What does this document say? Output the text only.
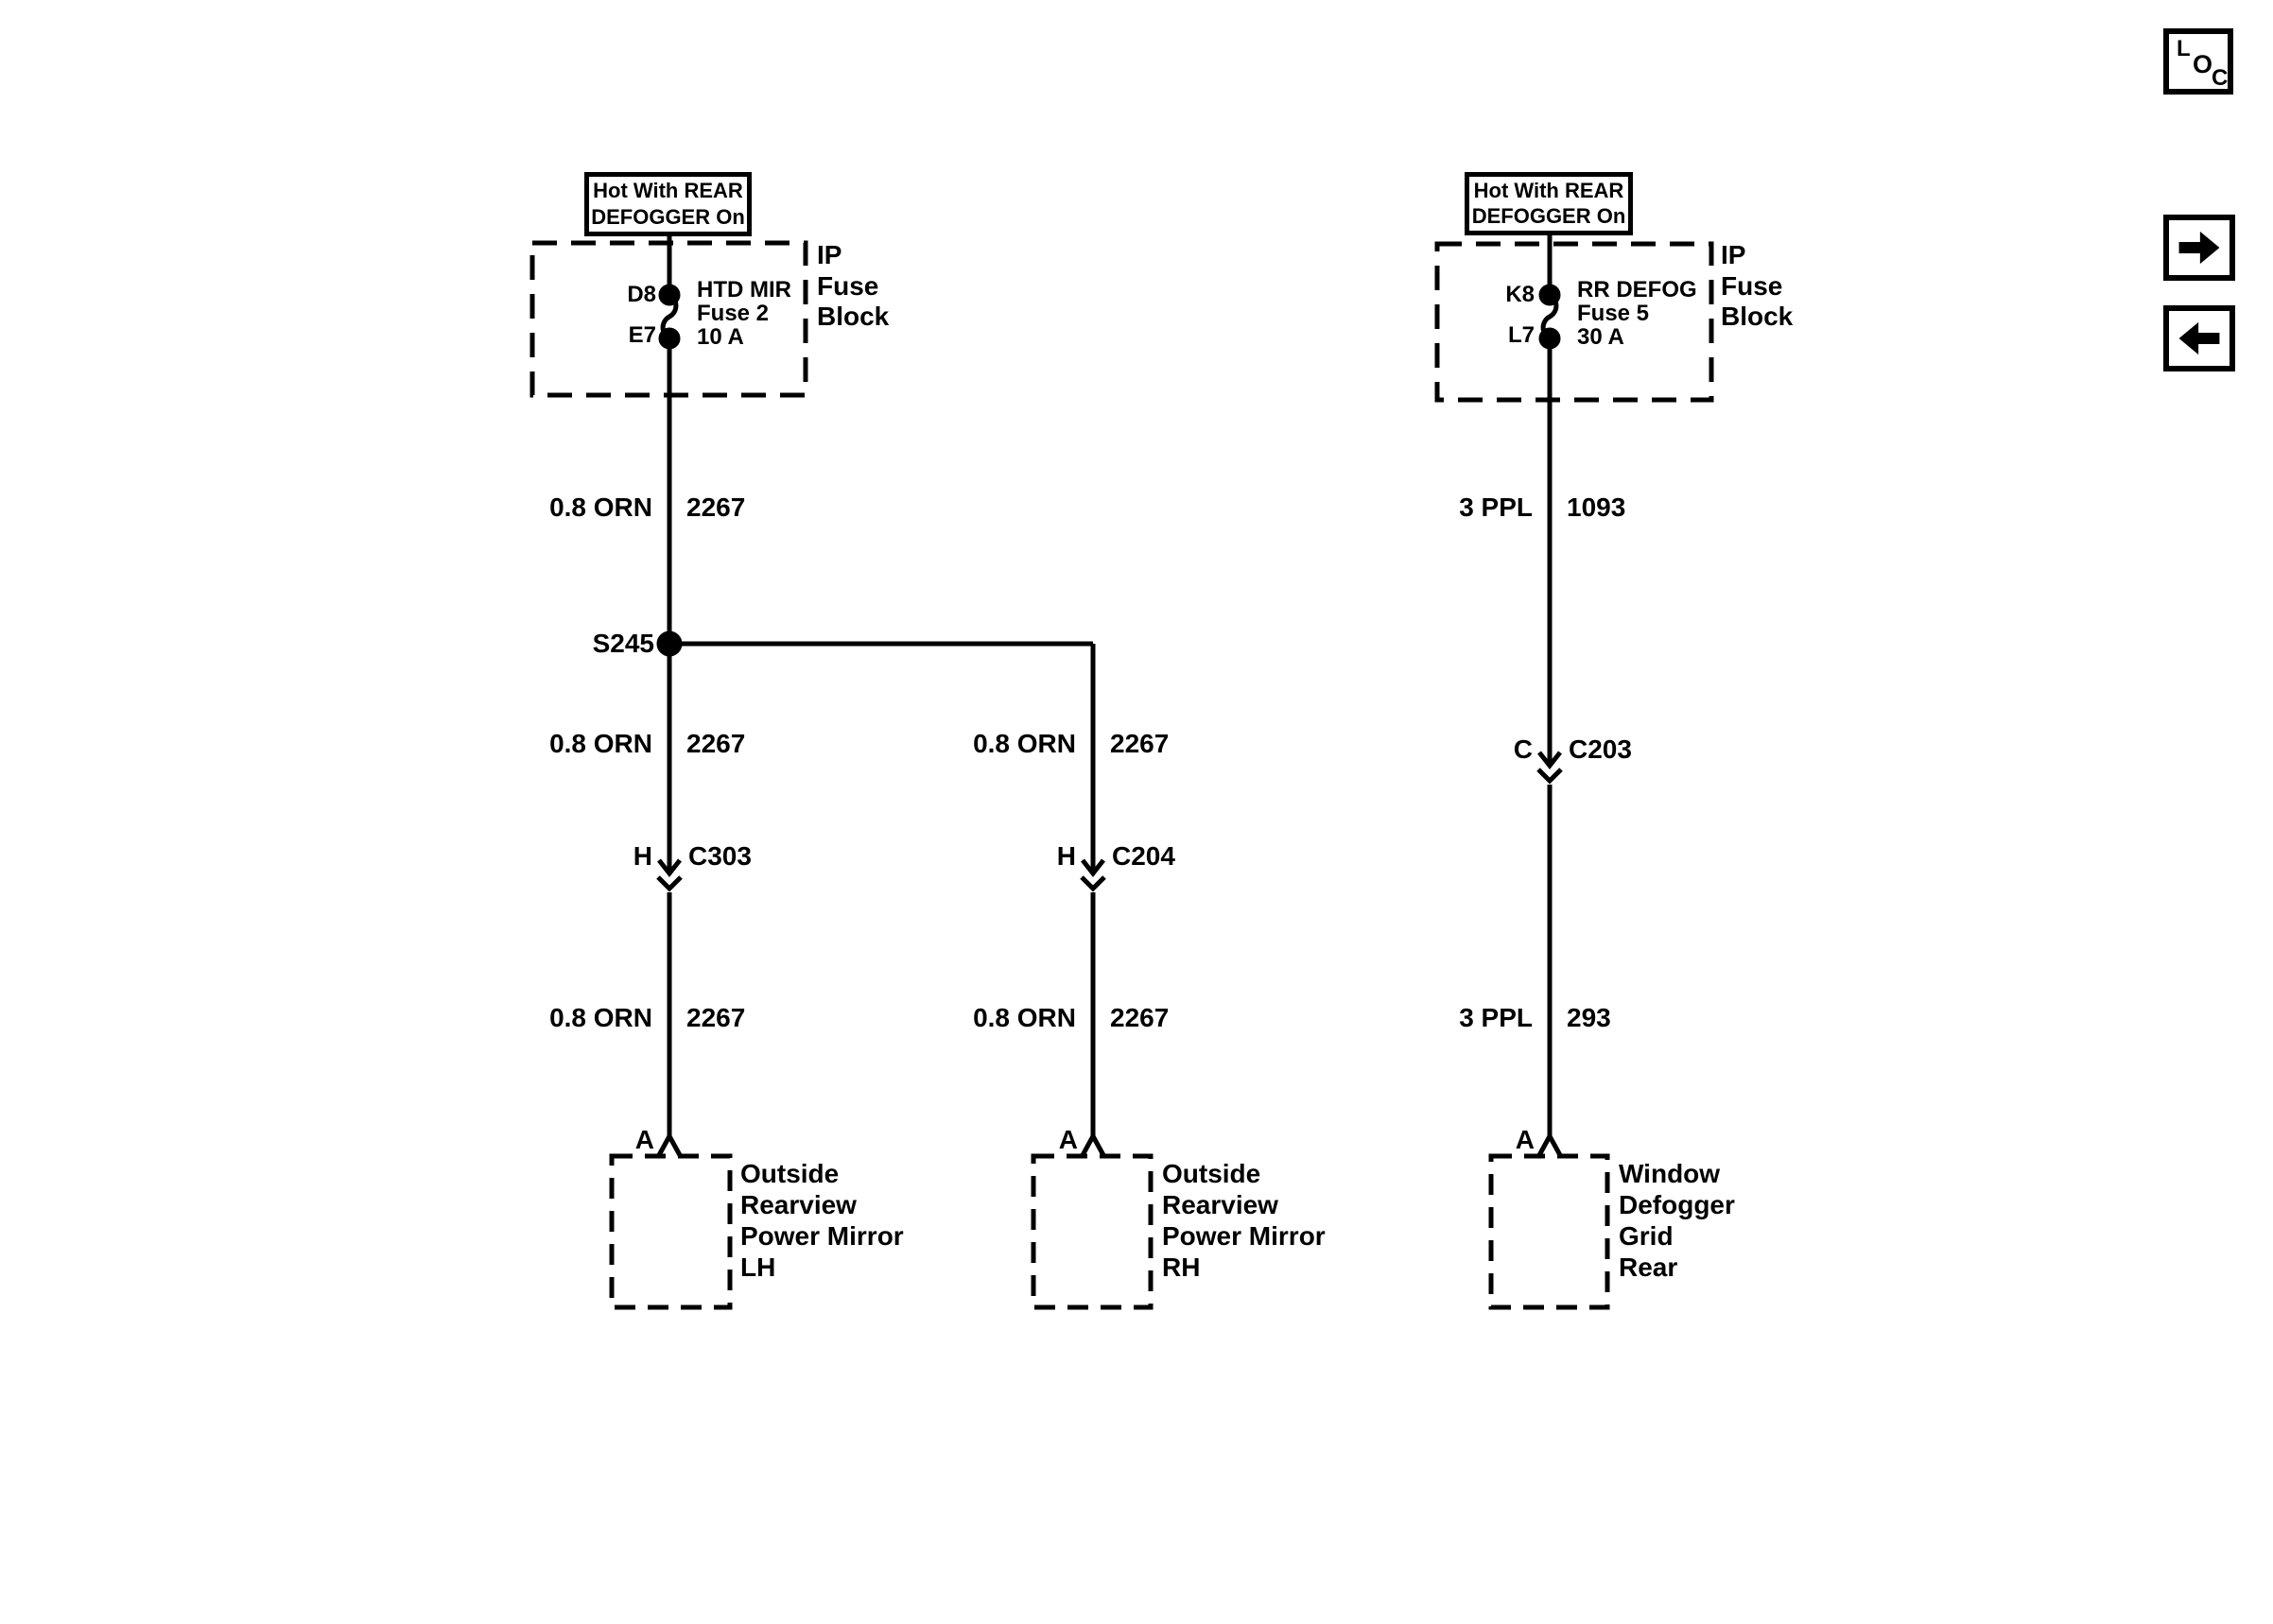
Hot With REAR
DEFOGGER On
Hot With REAR
DEFOGGER On
D8
E7
HTD MIR
Fuse 2
10 A
IP
Fuse
Block
K8
L7
RR DEFOG
Fuse 5
30 A
IP
Fuse
Block
0.8 ORN 2267
S245
0.8 ORN 2267
H C303
0.8 ORN 2267
A
Outside
Rearview
Power Mirror
LH
0.8 ORN 2267
H C204
0.8 ORN 2267
A
Outside
Rearview
Power Mirror
RH
3 PPL 1093
C C203
3 PPL 293
A
Window
Defogger
Grid
Rear
L
O
C
